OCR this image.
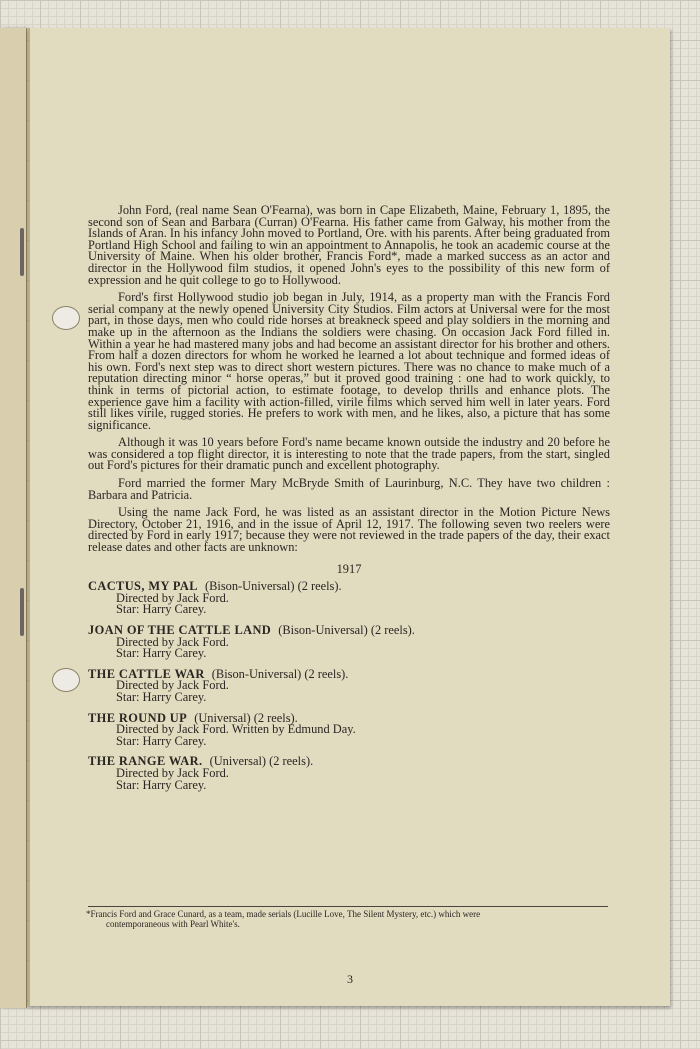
3

John Ford, (real name Sean O'Fearna), was born in Cape Elizabeth, Maine, February 1, 1895, the second son of Sean and Barbara (Curran) O'Fearna. His father came from Galway, his mother from the Islands of Aran. In his infancy John moved to Portland, Ore. with his parents. After being graduated from Portland High School and failing to win an appointment to Annapolis, he took an academic course at the University of Maine. When his older brother, Francis Ford*, made a marked success as an actor and director in the Hollywood film studios, it opened John's eyes to the possibility of this new form of expression and he quit college to go to Hollywood.

Ford's first Hollywood studio job began in July, 1914, as a property man with the Francis Ford serial company at the newly opened University City Studios. Film actors at Universal were for the most part, in those days, men who could ride horses at breakneck speed and play soldiers in the morning and make up in the afternoon as the Indians the soldiers were chasing. On occasion Jack Ford filled in. Within a year he had mastered many jobs and had become an assistant director for his brother and others. From half a dozen directors for whom he worked he learned a lot about technique and formed ideas of his own. Ford's next step was to direct short western pictures. There was no chance to make much of a reputation directing minor “ horse operas,” but it proved good training : one had to work quickly, to think in terms of pictorial action, to estimate footage, to develop thrills and enhance plots. The experience gave him a facility with action-filled, virile films which served him well in later years. Ford still likes virile, rugged stories. He prefers to work with men, and he likes, also, a picture that has some significance.

Although it was 10 years before Ford's name became known outside the industry and 20 before he was considered a top flight director, it is interesting to note that the trade papers, from the start, singled out Ford's pictures for their dramatic punch and excellent photography.

Ford married the former Mary McBryde Smith of Laurinburg, N.C. They have two children : Barbara and Patricia.

Using the name Jack Ford, he was listed as an assistant director in the Motion Picture News Directory, October 21, 1916, and in the issue of April 12, 1917. The following seven two reelers were directed by Ford in early 1917; because they were not reviewed in the trade papers of the day, their exact release dates and other facts are unknown:

1917
CACTUS, MY PAL (Bison-Universal) (2 reels).
Directed by Jack Ford.
Star: Harry Carey.
JOAN OF THE CATTLE LAND (Bison-Universal) (2 reels).
Directed by Jack Ford.
Star: Harry Carey.
THE CATTLE WAR (Bison-Universal) (2 reels).
Directed by Jack Ford.
Star: Harry Carey.
THE ROUND UP (Universal) (2 reels).
Directed by Jack Ford. Written by Edmund Day.
Star: Harry Carey.
THE RANGE WAR. (Universal) (2 reels).
Directed by Jack Ford.
Star: Harry Carey.
*Francis Ford and Grace Cunard, as a team, made serials (Lucille Love, The Silent Mystery, etc.) which were
contemporaneous with Pearl White's.
